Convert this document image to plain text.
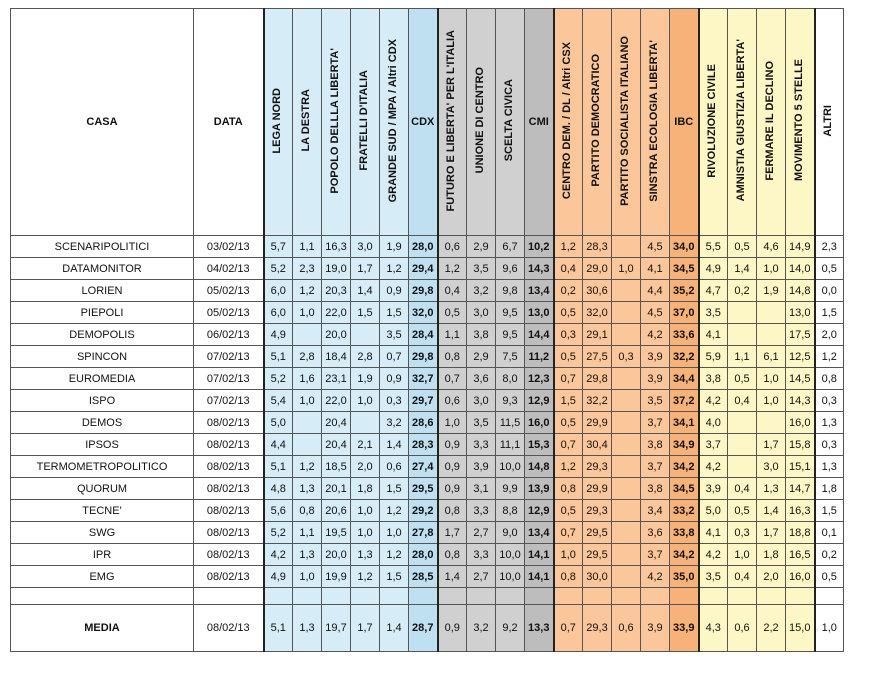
CASA	DATA	LEGA NORD	LA DESTRA	POPOLO DELLLA LIBERTA'	FRATELLI D'ITALIA	GRANDE SUD / MPA / Altri CDX	CDX	FUTURO E LIBERTA' PER L'ITALIA	UNIONE DI CENTRO	SCELTA CIVICA	CMI	CENTRO DEM. / DL / Altri CSX	PARTITO DEMOCRATICO	PARTITO SOCIALISTA ITALIANO	SINSTRA ECOLOGIA LIBERTA'	IBC	RIVOLUZIONE CIVILE	AMNISTIA GIUSTIZIA LIBERTA'	FERMARE IL DECLINO	MOVIMENTO 5 STELLE	ALTRI
SCENARIPOLITICI	03/02/13	5,7	1,1	16,3	3,0	1,9	28,0	0,6	2,9	6,7	10,2	1,2	28,3		4,5	34,0	5,5	0,5	4,6	14,9	2,3
DATAMONITOR	04/02/13	5,2	2,3	19,0	1,7	1,2	29,4	1,2	3,5	9,6	14,3	0,4	29,0	1,0	4,1	34,5	4,9	1,4	1,0	14,0	0,5
LORIEN	05/02/13	6,0	1,2	20,3	1,4	0,9	29,8	0,4	3,2	9,8	13,4	0,2	30,6		4,4	35,2	4,7	0,2	1,9	14,8	0,0
PIEPOLI	05/02/13	6,0	1,0	22,0	1,5	1,5	32,0	0,5	3,0	9,5	13,0	0,5	32,0		4,5	37,0	3,5			13,0	1,5
DEMOPOLIS	06/02/13	4,9		20,0		3,5	28,4	1,1	3,8	9,5	14,4	0,3	29,1		4,2	33,6	4,1			17,5	2,0
SPINCON	07/02/13	5,1	2,8	18,4	2,8	0,7	29,8	0,8	2,9	7,5	11,2	0,5	27,5	0,3	3,9	32,2	5,9	1,1	6,1	12,5	1,2
EUROMEDIA	07/02/13	5,2	1,6	23,1	1,9	0,9	32,7	0,7	3,6	8,0	12,3	0,7	29,8		3,9	34,4	3,8	0,5	1,0	14,5	0,8
ISPO	07/02/13	5,4	1,0	22,0	1,0	0,3	29,7	0,6	3,0	9,3	12,9	1,5	32,2		3,5	37,2	4,2	0,4	1,0	14,3	0,3
DEMOS	08/02/13	5,0		20,4		3,2	28,6	1,0	3,5	11,5	16,0	0,5	29,9		3,7	34,1	4,0			16,0	1,3
IPSOS	08/02/13	4,4		20,4	2,1	1,4	28,3	0,9	3,3	11,1	15,3	0,7	30,4		3,8	34,9	3,7		1,7	15,8	0,3
TERMOMETROPOLITICO	08/02/13	5,1	1,2	18,5	2,0	0,6	27,4	0,9	3,9	10,0	14,8	1,2	29,3		3,7	34,2	4,2		3,0	15,1	1,3
QUORUM	08/02/13	4,8	1,3	20,1	1,8	1,5	29,5	0,9	3,1	9,9	13,9	0,8	29,9		3,8	34,5	3,9	0,4	1,3	14,7	1,8
TECNE'	08/02/13	5,6	0,8	20,6	1,0	1,2	29,2	0,8	3,3	8,8	12,9	0,5	29,3		3,4	33,2	5,0	0,5	1,4	16,3	1,5
SWG	08/02/13	5,2	1,1	19,5	1,0	1,0	27,8	1,7	2,7	9,0	13,4	0,7	29,5		3,6	33,8	4,1	0,3	1,7	18,8	0,1
IPR	08/02/13	4,2	1,3	20,0	1,3	1,2	28,0	0,8	3,3	10,0	14,1	1,0	29,5		3,7	34,2	4,2	1,0	1,8	16,5	0,2
EMG	08/02/13	4,9	1,0	19,9	1,2	1,5	28,5	1,4	2,7	10,0	14,1	0,8	30,0		4,2	35,0	3,5	0,4	2,0	16,0	0,5

MEDIA	08/02/13	5,1	1,3	19,7	1,7	1,4	28,7	0,9	3,2	9,2	13,3	0,7	29,3	0,6	3,9	33,9	4,3	0,6	2,2	15,0	1,0
